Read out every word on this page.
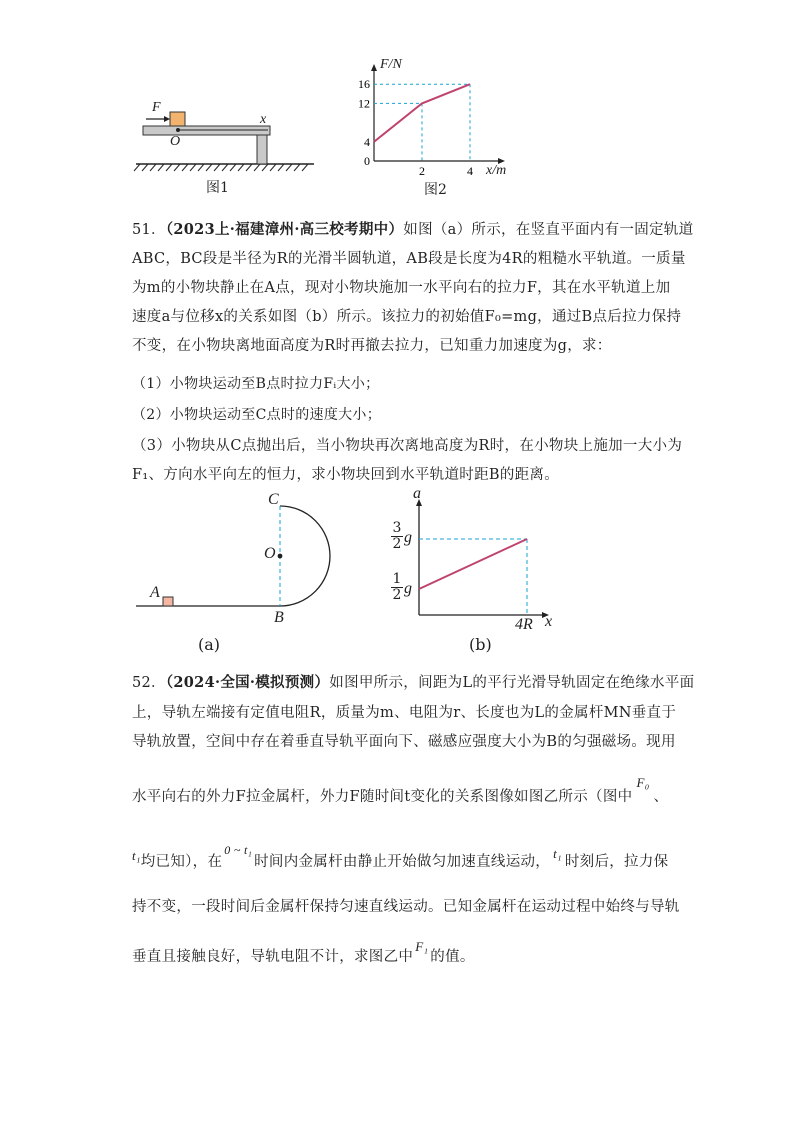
F
O
x
图1
16
12
4
0
2	4
F/N
x/m
图2
51．（2023上·福建漳州·高三校考期中）如图（a）所示，在竖直平面内有一固定轨道
ABC，BC段是半径为R的光滑半圆轨道，AB段是长度为4R的粗糙水平轨道。一质量
为m的小物块静止在A点，现对小物块施加一水平向右的拉力F，其在水平轨道上加
速度a与位移x的关系如图（b）所示。该拉力的初始值F₀=mg，通过B点后拉力保持
不变，在小物块离地面高度为R时再撤去拉力，已知重力加速度为g，求：
（1）小物块运动至B点时拉力Fᵢ大小；
（2）小物块运动至C点时的速度大小；
（3）小物块从C点抛出后，当小物块再次离地高度为R时，在小物块上施加一大小为
F₁、方向水平向左的恒力，求小物块回到水平轨道时距B的距离。
A
B
C
O
(a)
a
x
$\frac{3}{2}$ g
$\frac{1}{2}$ g
4R
(b)
52．（2024·全国·模拟预测）如图甲所示，间距为L的平行光滑导轨固定在绝缘水平面
上，导轨左端接有定值电阻R，质量为m、电阻为r、长度也为L的金属杆MN垂直于
导轨放置，空间中存在着垂直导轨平面向下、磁感应强度大小为B的匀强磁场。现用
水平向右的外力F拉金属杆，外力F随时间t变化的关系图像如图乙所示（图中F₀、
t₁均已知），在$^{0 \sim t_1}$时间内金属杆由静止开始做匀加速直线运动，t₁时刻后，拉力保
持不变，一段时间后金属杆保持匀速直线运动。已知金属杆在运动过程中始终与导轨
垂直且接触良好，导轨电阻不计，求图乙中F₁的值。
